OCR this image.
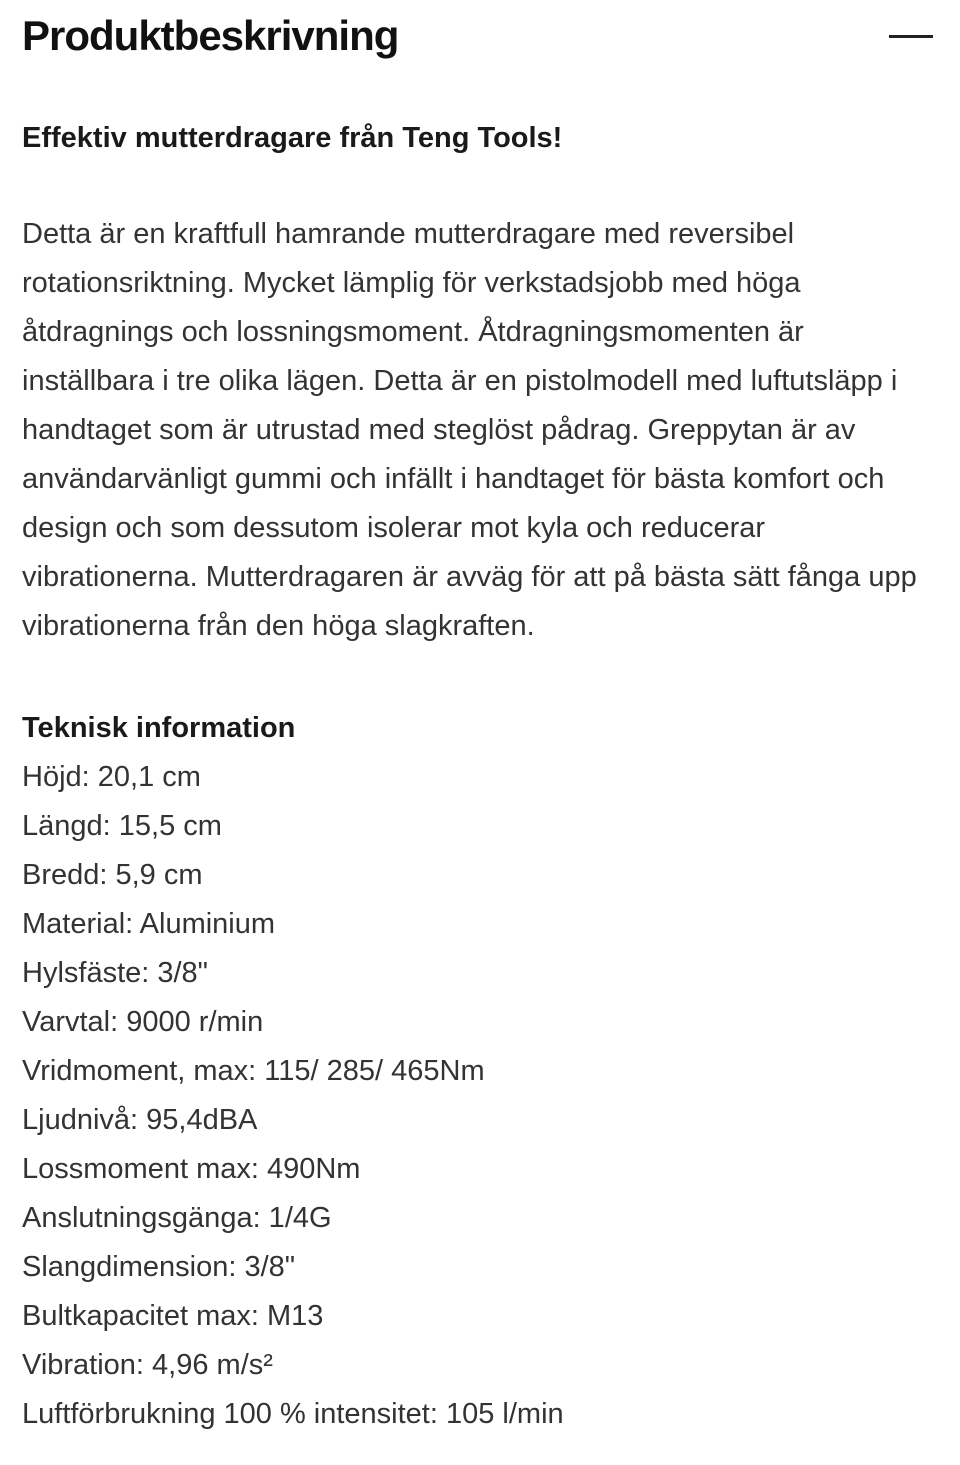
Produktbeskrivning

Effektiv mutterdragare från Teng Tools!

Detta är en kraftfull hamrande mutterdragare med reversibel rotationsriktning. Mycket lämplig för verkstadsjobb med höga åtdragnings och lossningsmoment. Åtdragningsmomenten är inställbara i tre olika lägen. Detta är en pistolmodell med luftutsläpp i handtaget som är utrustad med steglöst pådrag. Greppytan är av användarvänligt gummi och infällt i handtaget för bästa komfort och design och som dessutom isolerar mot kyla och reducerar vibrationerna. Mutterdragaren är avväg för att på bästa sätt fånga upp vibrationerna från den höga slagkraften.

Teknisk information

Höjd: 20,1 cm
Längd: 15,5 cm
Bredd: 5,9 cm
Material: Aluminium
Hylsfäste: 3/8"
Varvtal: 9000 r/min
Vridmoment, max: 115/ 285/ 465Nm
Ljudnivå: 95,4dBA
Lossmoment max: 490Nm
Anslutningsgänga: 1/4G
Slangdimension: 3/8"
Bultkapacitet max: M13
Vibration: 4,96 m/s²
Luftförbrukning 100 % intensitet: 105 l/min
